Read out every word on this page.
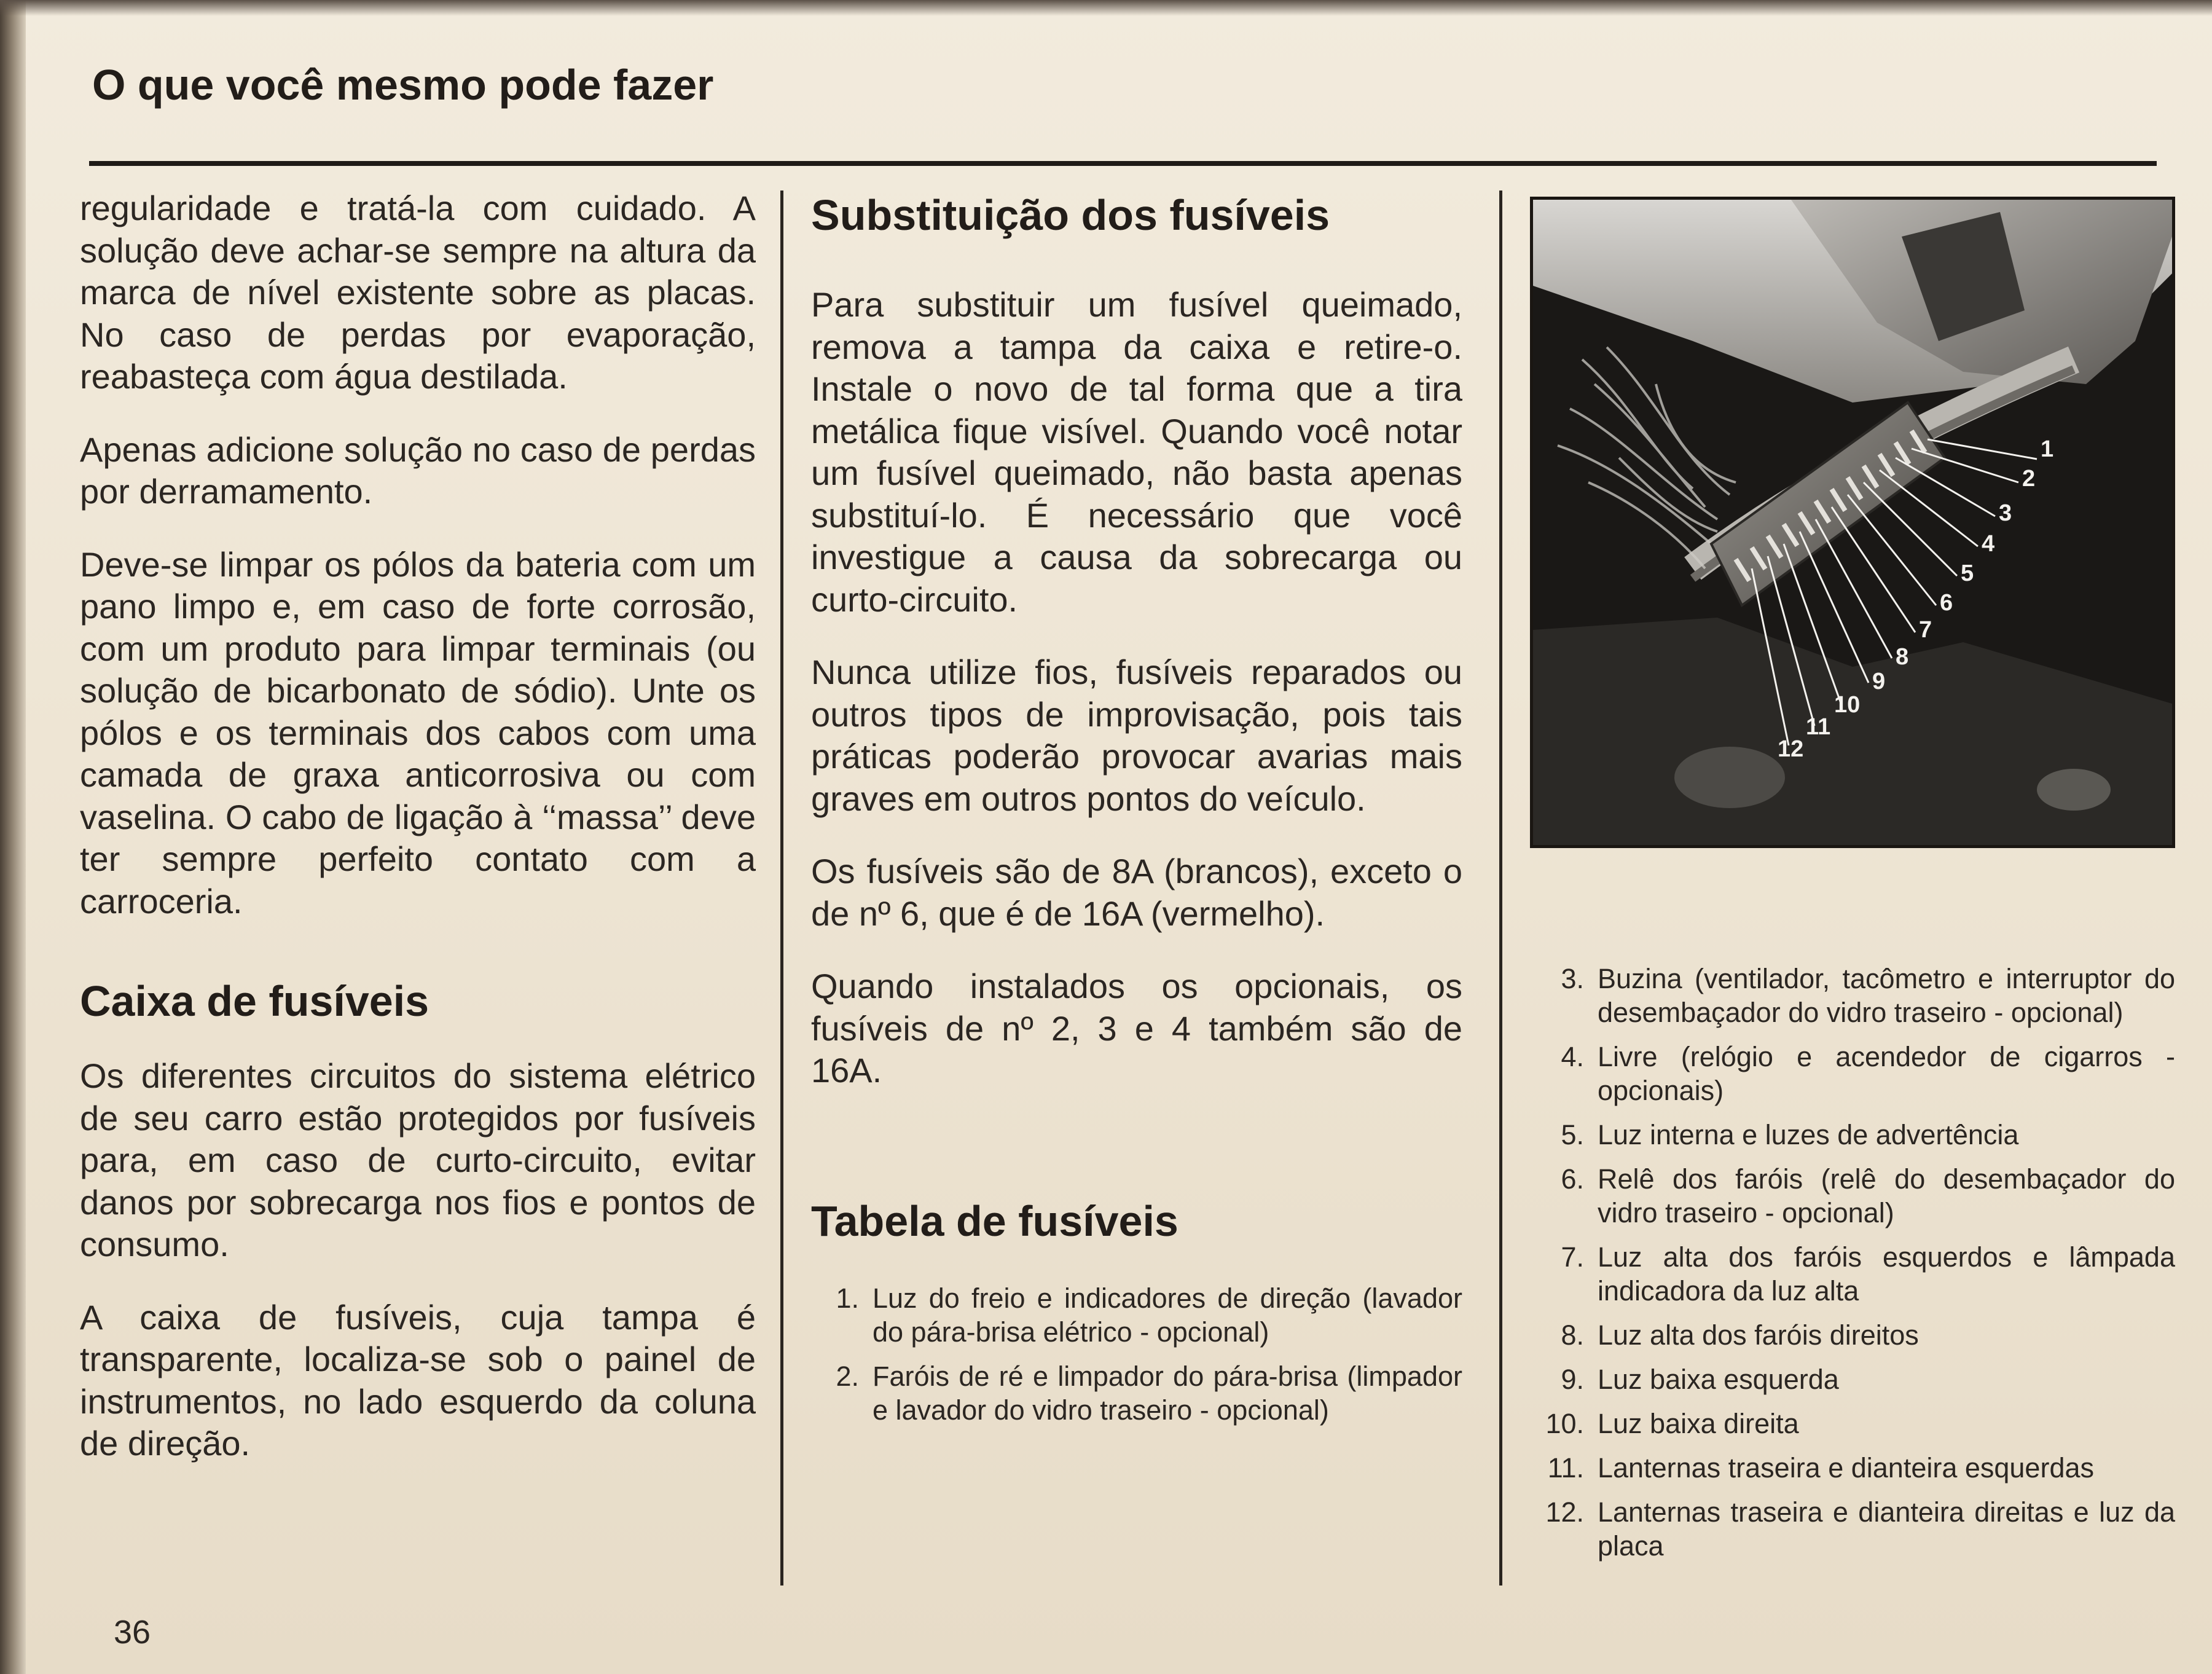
O que você mesmo pode fazer

regularidade e tratá-la com cuidado. A solução deve achar-se sempre na altura da marca de nível existente sobre as placas. No caso de perdas por evaporação, reabasteça com água destilada.

Apenas adicione solução no caso de perdas por derramamento.

Deve-se limpar os pólos da bateria com um pano limpo e, em caso de forte corrosão, com um produto para limpar terminais (ou solução de bicarbonato de sódio). Unte os pólos e os terminais dos cabos com uma camada de graxa anticorrosiva ou com vaselina. O cabo de ligação à ‘‘massa’’ deve ter sempre perfeito contato com a carroceria.

Caixa de fusíveis

Os diferentes circuitos do sistema elétrico de seu carro estão protegidos por fusíveis para, em caso de curto-circuito, evitar danos por sobrecarga nos fios e pontos de consumo.

A caixa de fusíveis, cuja tampa é transparente, localiza-se sob o painel de instrumentos, no lado esquerdo da coluna de direção.

Substituição dos fusíveis

Para substituir um fusível queimado, remova a tampa da caixa e retire-o. Instale o novo de tal forma que a tira metálica fique visível. Quando você notar um fusível queimado, não basta apenas substituí-lo. É necessário que você investigue a causa da sobrecarga ou curto-circuito.

Nunca utilize fios, fusíveis reparados ou outros tipos de improvisação, pois tais práticas poderão provocar avarias mais graves em outros pontos do veículo.

Os fusíveis são de 8A (brancos), exceto o de nº 6, que é de 16A (vermelho).

Quando instalados os opcionais, os fusíveis de nº 2, 3 e 4 também são de 16A.

Tabela de fusíveis
1. Luz do freio e indicadores de direção (lavador do pára-brisa elétrico - opcional)
2. Faróis de ré e limpador do pára-brisa (limpador e lavador do vidro traseiro - opcional)
1
2
3
4
5
6
7
8
9
10
11
12
3. Buzina (ventilador, tacômetro e interruptor do desembaçador do vidro traseiro - opcional)
4. Livre (relógio e acendedor de cigarros - opcionais)
5. Luz interna e luzes de advertência
6. Relê dos faróis (relê do desembaçador do vidro traseiro - opcional)
7. Luz alta dos faróis esquerdos e lâmpada indicadora da luz alta
8. Luz alta dos faróis direitos
9. Luz baixa esquerda
10. Luz baixa direita
11. Lanternas traseira e dianteira esquerdas
12. Lanternas traseira e dianteira direitas e luz da placa
36
